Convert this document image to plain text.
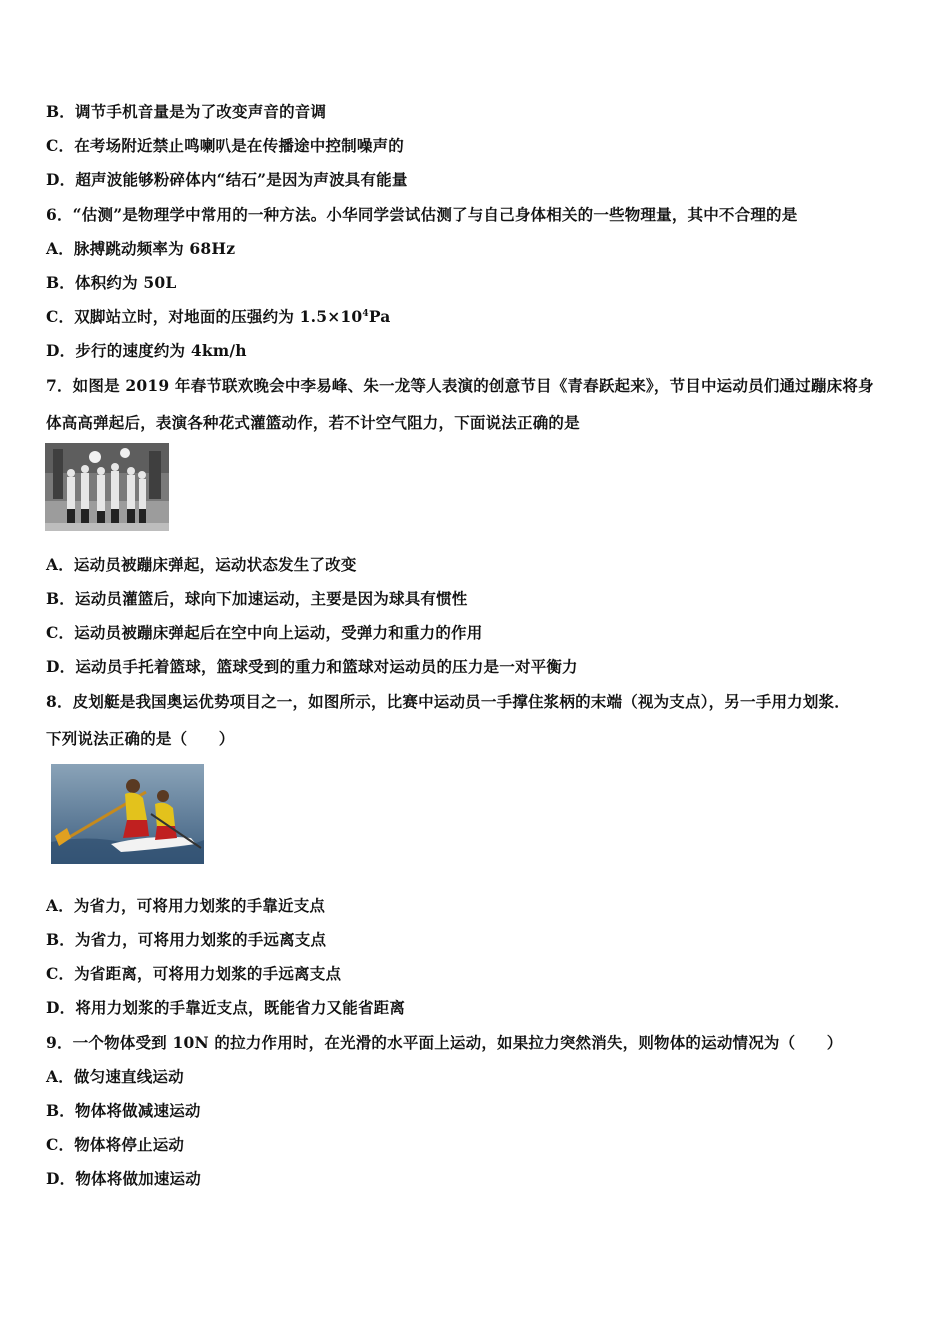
B．调节手机音量是为了改变声音的音调
C．在考场附近禁止鸣喇叭是在传播途中控制噪声的
D．超声波能够粉碎体内“结石”是因为声波具有能量
6．“估测”是物理学中常用的一种方法。小华同学尝试估测了与自己身体相关的一些物理量，其中不合理的是
A．脉搏跳动频率为 68Hz
B．体积约为 50L
C．双脚站立时，对地面的压强约为 $1.5\times 10^4Pa$
D．步行的速度约为 4km/h
7．如图是 2019 年春节联欢晚会中李易峰、朱一龙等人表演的创意节目《青春跃起来》，节目中运动员们通过蹦床将身
体高高弹起后，表演各种花式灌篮动作，若不计空气阻力，下面说法正确的是
A．运动员被蹦床弹起，运动状态发生了改变
B．运动员灌篮后，球向下加速运动，主要是因为球具有惯性
C．运动员被蹦床弹起后在空中向上运动，受弹力和重力的作用
D．运动员手托着篮球，篮球受到的重力和篮球对运动员的压力是一对平衡力
8．皮划艇是我国奥运优势项目之一，如图所示，比赛中运动员一手撑住浆柄的末端（视为支点），另一手用力划浆．
下列说法正确的是（　　）
A．为省力，可将用力划浆的手靠近支点
B．为省力，可将用力划浆的手远离支点
C．为省距离，可将用力划浆的手远离支点
D．将用力划浆的手靠近支点，既能省力又能省距离
9．一个物体受到 10N 的拉力作用时，在光滑的水平面上运动，如果拉力突然消失，则物体的运动情况为（　　）
A．做匀速直线运动
B．物体将做减速运动
C．物体将停止运动
D．物体将做加速运动
